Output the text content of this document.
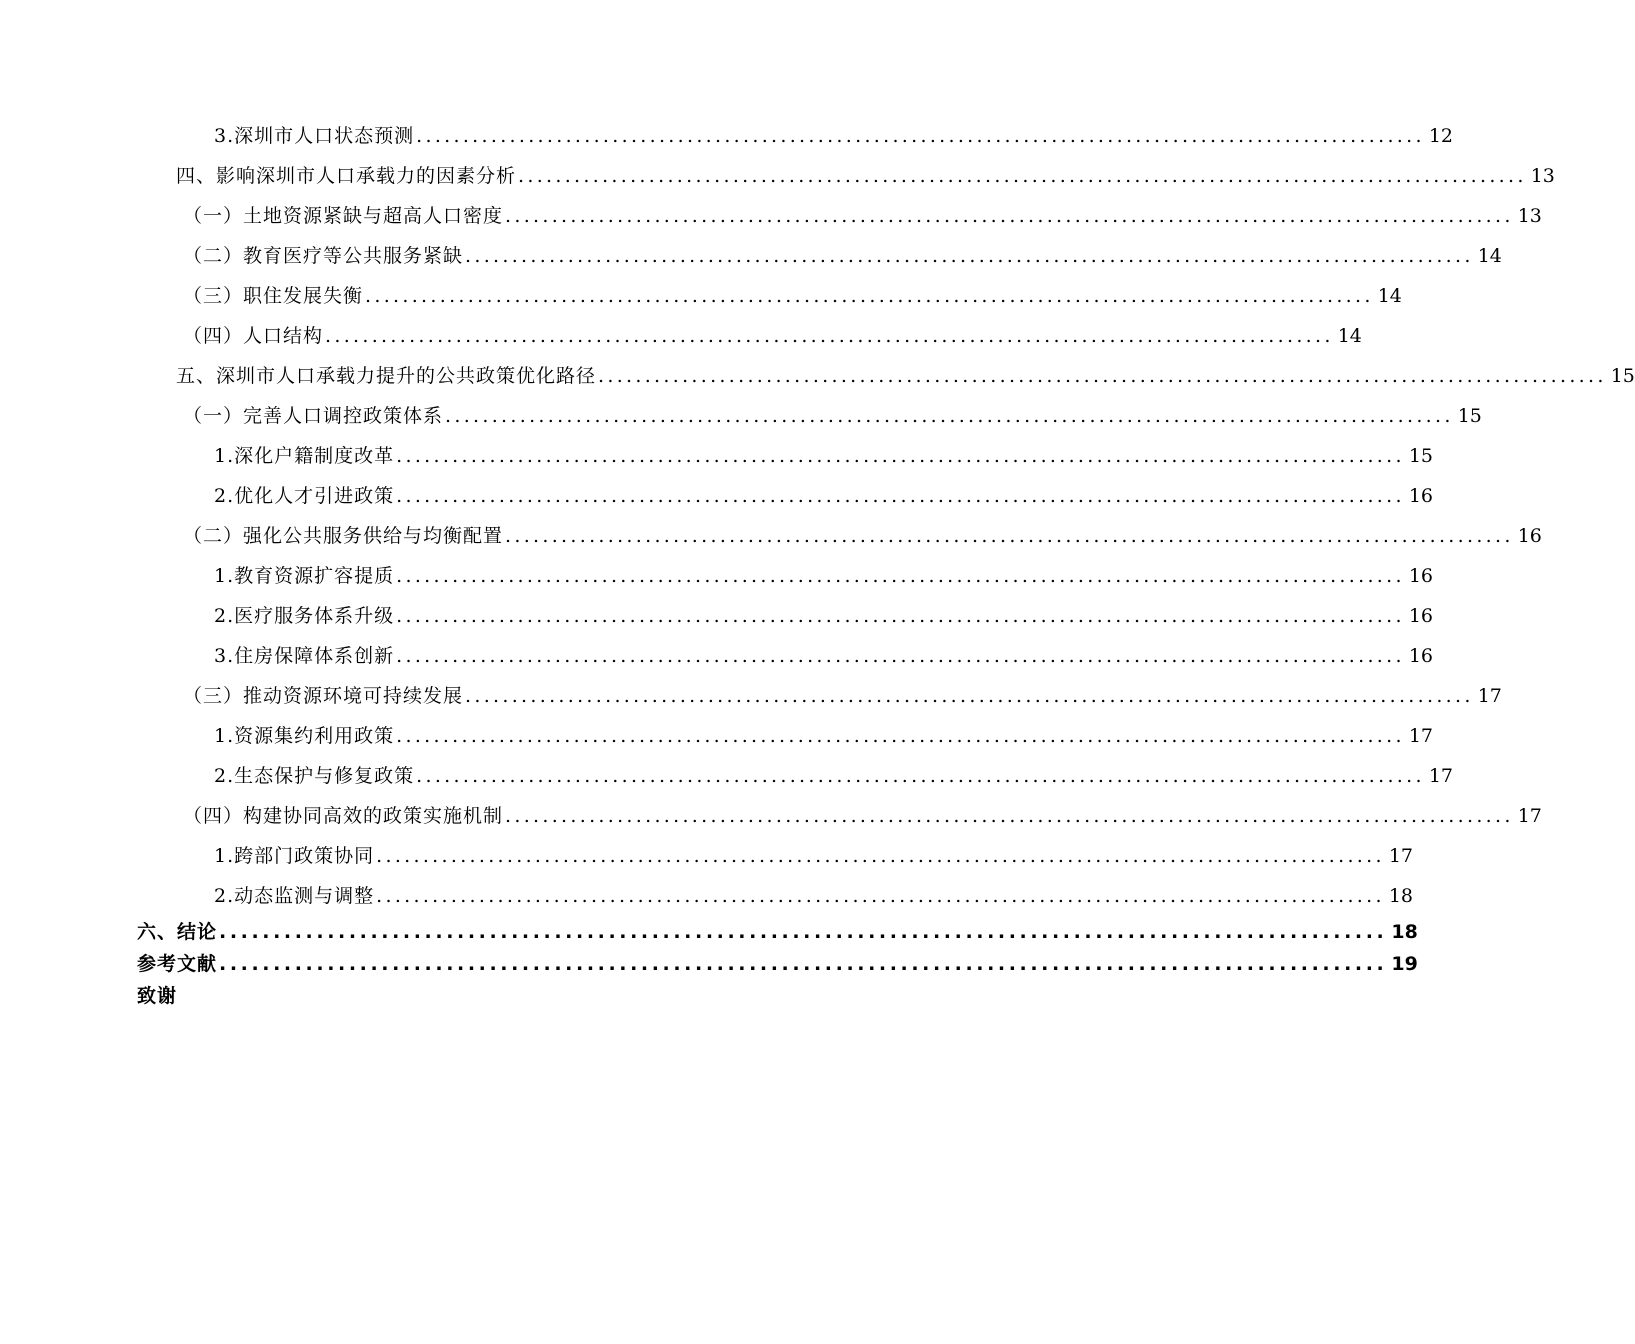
3.深圳市人口状态预测 ............................................................................................................ 12
四、影响深圳市人口承载力的因素分析 ............................................................................................................ 13
（一）土地资源紧缺与超高人口密度 ............................................................................................................ 13
（二）教育医疗等公共服务紧缺 ............................................................................................................ 14
（三）职住发展失衡 ............................................................................................................ 14
（四）人口结构 ............................................................................................................ 14
五、深圳市人口承载力提升的公共政策优化路径 ............................................................................................................ 15
（一）完善人口调控政策体系 ............................................................................................................ 15
1.深化户籍制度改革 ............................................................................................................ 15
2.优化人才引进政策 ............................................................................................................ 16
（二）强化公共服务供给与均衡配置 ............................................................................................................ 16
1.教育资源扩容提质 ............................................................................................................ 16
2.医疗服务体系升级 ............................................................................................................ 16
3.住房保障体系创新 ............................................................................................................ 16
（三）推动资源环境可持续发展 ............................................................................................................ 17
1.资源集约利用政策 ............................................................................................................ 17
2.生态保护与修复政策 ............................................................................................................ 17
（四）构建协同高效的政策实施机制 ............................................................................................................ 17
1.跨部门政策协同 ............................................................................................................ 17
2.动态监测与调整 ............................................................................................................ 18
六、结论 ............................................................................................................ 18
参考文献 ............................................................................................................ 19
致谢
